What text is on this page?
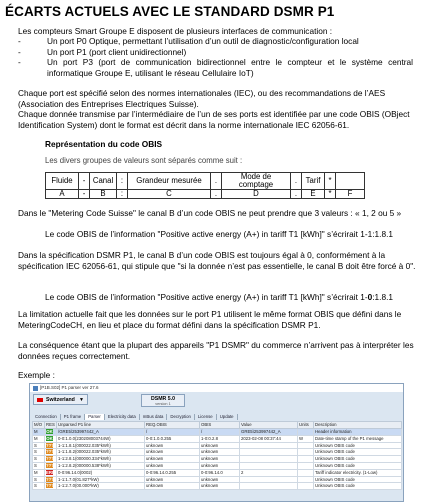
ÉCARTS ACTUELS AVEC LE STANDARD DSMR P1
Les compteurs Smart Groupe E disposent de plusieurs interfaces de communication :
-	Un port P0 Optique, permettant l’utilisation d’un outil de diagnostic/configuration local
-	Un port P1 (port client unidirectionnel)
-	Un port P3 (port de communication bidirectionnel entre le compteur et le système central informatique Groupe E, utilisant le réseau Cellulaire IoT)
Chaque port est spécifié selon des normes internationales (IEC), ou des recommandations de l’AES (Association des Entreprises Electriques Suisse).
Chaque donnée transmise par l’intermédiaire de l’un de ses ports est identifiée par une code OBIS (OBject Identification System) dont le format est décrit dans la norme internationale IEC 62056-61.
Représentation du code OBIS
Les divers groupes de valeurs sont séparés comme suit :
Fluide	-	Canal	:	Grandeur mesurée	.	Mode de comptage	.	Tarif	*	
A	-	B	:	C	.	D	.	E	*	F
Dans le "Metering Code Suisse" le canal B d’un code OBIS ne peut prendre que 3 valeurs : « 1, 2 ou 5 »
Le code OBIS de l’information "Positive active energy (A+) in tariff T1 [kWh]" s’écrirait 1-1:1.8.1
Dans la spécification DSMR P1, le canal B d’un code OBIS est toujours égal à 0, conformément à la spécification IEC 62056-61, qui stipule que "si la donnée n’est pas essentielle, le canal B doit être forcé à 0".
Le code OBIS de l’information "Positive active energy (A+) in tariff T1 [kWh]" s’écrirait 1-0:1.8.1
La limitation actuelle fait que les données sur le port P1 utilisent le même format OBIS que défini dans le MeteringCodeCH, en lieu et place du format défini dans la spécification DSMR P1.
La conséquence étant que la plupart des appareils "P1 DSMR" du commerce n’arrivent pas à interpréter les données reçues correctement.
Exemple :
[P1B.S02] P1 parser ver 27.6
Switzerland ▼	DSMR 5.0
version 1
Connection	P1 frame	Parser	Electricity data	mBus data	Decryption	License	Update
M/O	RES	Unparsed P1 line	REQ.OBIS	OBIS	Value	Units	Description
M	OK	/GRE5\253997442_A	/	/	GRE5\253997442_A		Header information
M	OK	0-0:1.0.0(230208003744W)	0-0:1.0.0.255	1-0:0.2.8	2023-02-08 00:37:44	W	Date-time stamp of the P1 message
S	???	1-1:1.8.1(000022.035*kWh)	unknown	unknown			Unknown OBIS code
S	???	1-1:1.8.2(000022.035*kWh)	unknown	unknown			Unknown OBIS code
S	???	1-1:2.8.1(000000.334*kWh)	unknown	unknown			Unknown OBIS code
S	???	1-1:2.8.2(000000.538*kWh)	unknown	unknown			Unknown OBIS code
M	ERR	0-0:96.14.0(0002)	0-0:96.14.0.255	0-0:96.14.0	2		Tariff indicator electricity. (1-Low)
S	???	1-1:1.7.0(01.827*kW)	unknown	unknown			Unknown OBIS code
S	???	1-1:2.7.0(00.000*kW)	unknown	unknown			Unknown OBIS code
